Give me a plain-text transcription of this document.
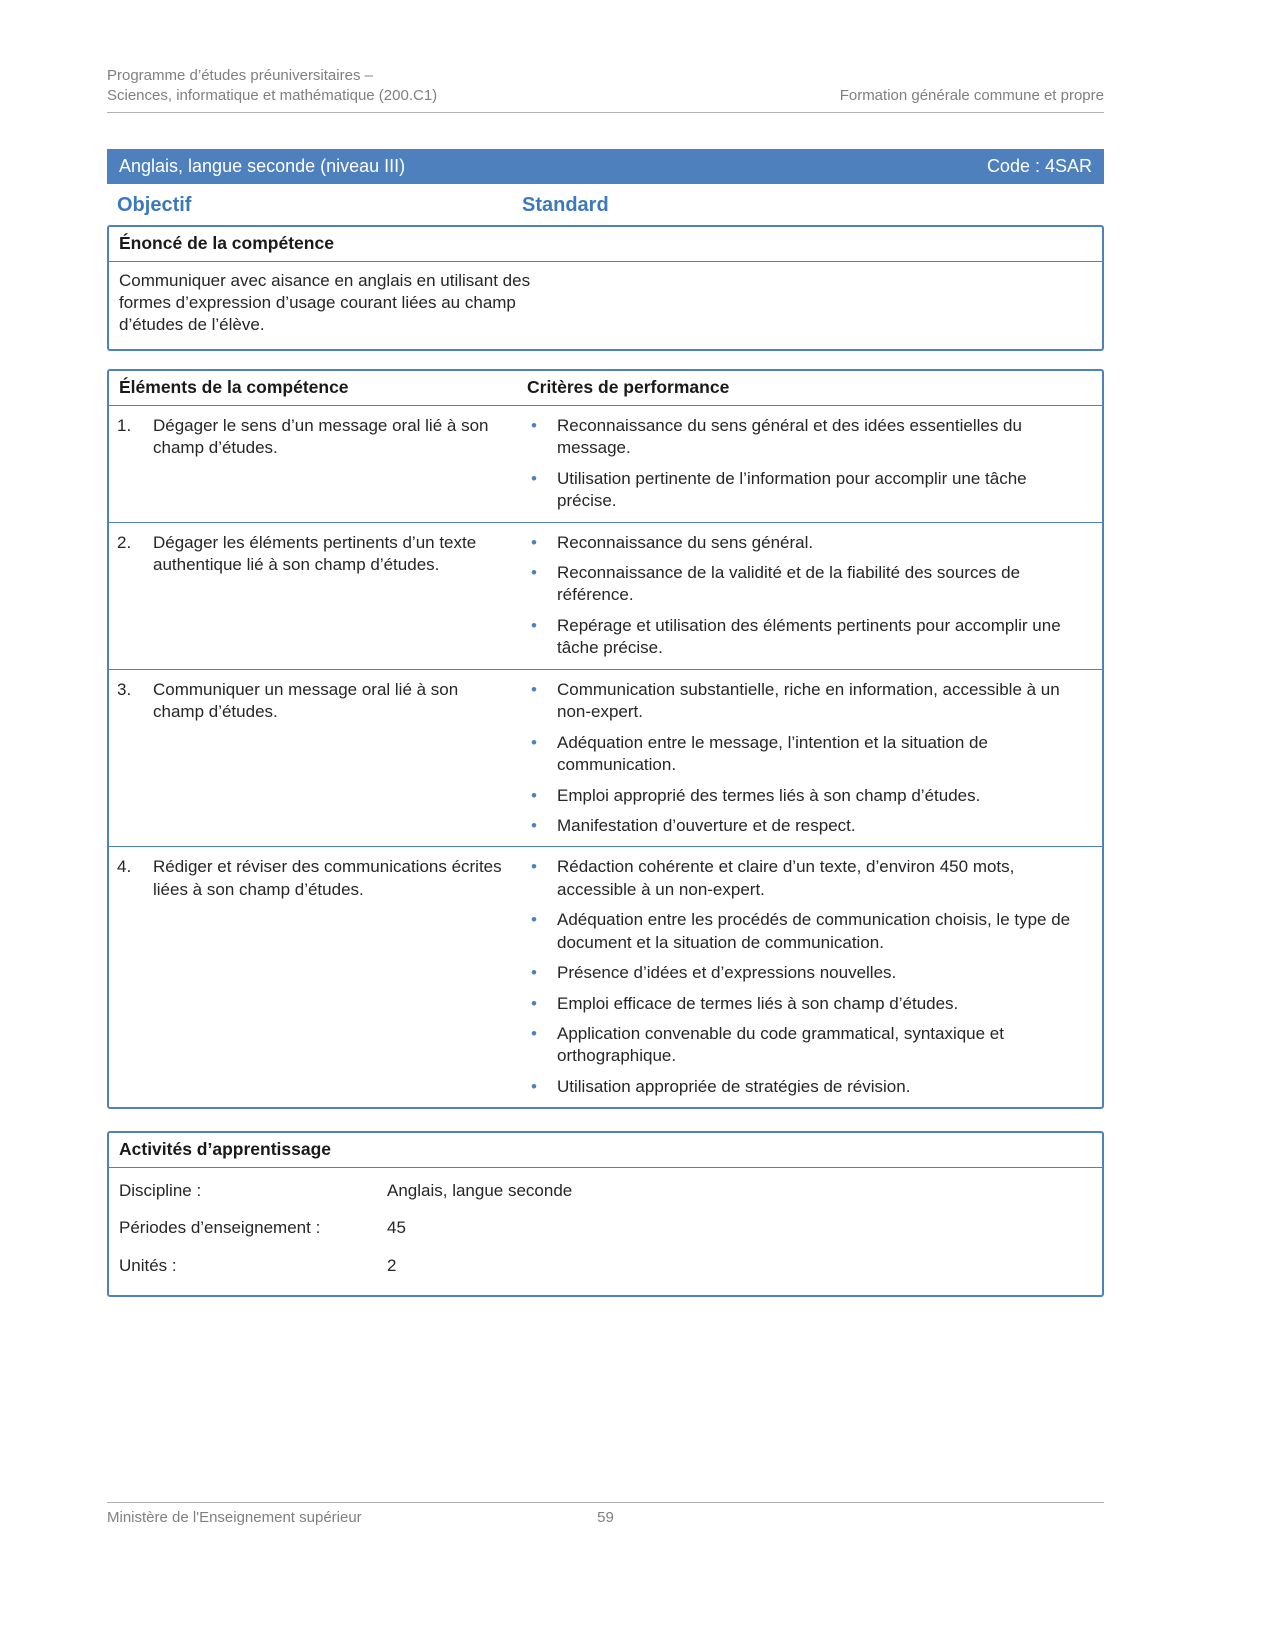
Programme d’études préuniversitaires –
Sciences, informatique et mathématique (200.C1)	Formation générale commune et propre
Anglais, langue seconde (niveau III)	Code : 4SAR
Objectif	Standard
Énoncé de la compétence

Communiquer avec aisance en anglais en utilisant des formes d’expression d’usage courant liées au champ d’études de l’élève.

Éléments de la compétence	Critères de performance
1.	Dégager le sens d’un message oral lié à son champ d’études.
• Reconnaissance du sens général et des idées essentielles du message.
• Utilisation pertinente de l’information pour accomplir une tâche précise.
2.	Dégager les éléments pertinents d’un texte authentique lié à son champ d’études.
• Reconnaissance du sens général.
• Reconnaissance de la validité et de la fiabilité des sources de référence.
• Repérage et utilisation des éléments pertinents pour accomplir une tâche précise.
3.	Communiquer un message oral lié à son champ d’études.
• Communication substantielle, riche en information, accessible à un non-expert.
• Adéquation entre le message, l’intention et la situation de communication.
• Emploi approprié des termes liés à son champ d’études.
• Manifestation d’ouverture et de respect.
4.	Rédiger et réviser des communications écrites liées à son champ d’études.
• Rédaction cohérente et claire d’un texte, d’environ 450 mots, accessible à un non-expert.
• Adéquation entre les procédés de communication choisis, le type de document et la situation de communication.
• Présence d’idées et d’expressions nouvelles.
• Emploi efficace de termes liés à son champ d’études.
• Application convenable du code grammatical, syntaxique et orthographique.
• Utilisation appropriée de stratégies de révision.
Activités d’apprentissage
Discipline :	Anglais, langue seconde
Périodes d’enseignement :	45
Unités :	2
Ministère de l'Enseignement supérieur	59
